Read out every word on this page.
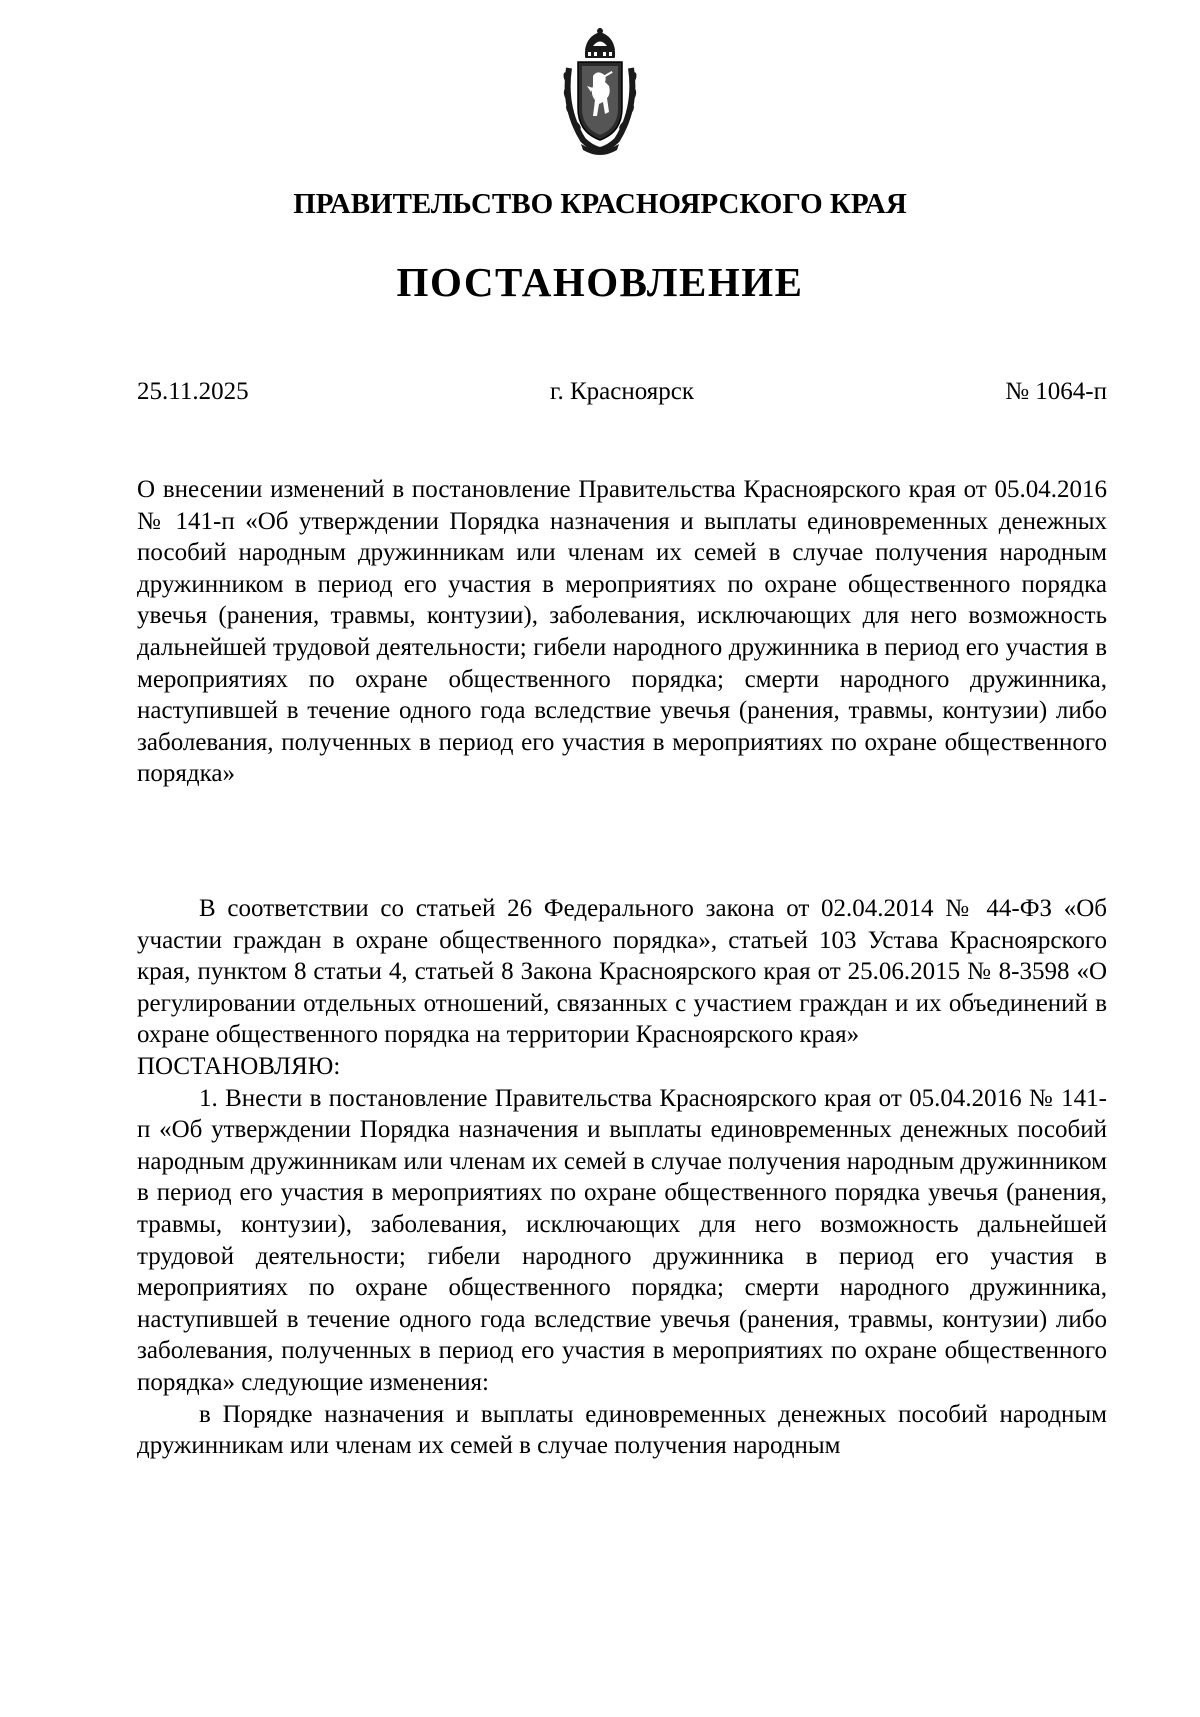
ПРАВИТЕЛЬСТВО КРАСНОЯРСКОГО КРАЯ
ПОСТАНОВЛЕНИЕ
г. Красноярск
25.11.2025	№ 1064-п
О внесении изменений в постановление Правительства Красноярского края от 05.04.2016 № 141-п «Об утверждении Порядка назначения и выплаты единовременных денежных пособий народным дружинникам или членам их семей в случае получения народным дружинником в период его участия в мероприятиях по охране общественного порядка увечья (ранения, травмы, контузии), заболевания, исключающих для него возможность дальнейшей трудовой деятельности; гибели народного дружинника в период его участия в мероприятиях по охране общественного порядка; смерти народного дружинника, наступившей в течение одного года вследствие увечья (ранения, травмы, контузии) либо заболевания, полученных в период его участия в мероприятиях по охране общественного порядка»

В соответствии со статьей 26 Федерального закона от 02.04.2014 № 44-ФЗ «Об участии граждан в охране общественного порядка», статьей 103 Устава Красноярского края, пунктом 8 статьи 4, статьей 8 Закона Красноярского края от 25.06.2015 № 8-3598 «О регулировании отдельных отношений, связанных с участием граждан и их объединений в охране общественного порядка на территории Красноярского края»

ПОСТАНОВЛЯЮ:

1. Внести в постановление Правительства Красноярского края от 05.04.2016 № 141-п «Об утверждении Порядка назначения и выплаты единовременных денежных пособий народным дружинникам или членам их семей в случае получения народным дружинником в период его участия в мероприятиях по охране общественного порядка увечья (ранения, травмы, контузии), заболевания, исключающих для него возможность дальнейшей трудовой деятельности; гибели народного дружинника в период его участия в мероприятиях по охране общественного порядка; смерти народного дружинника, наступившей в течение одного года вследствие увечья (ранения, травмы, контузии) либо заболевания, полученных в период его участия в мероприятиях по охране общественного порядка» следующие изменения:

в Порядке назначения и выплаты единовременных денежных пособий народным дружинникам или членам их семей в случае получения народным
